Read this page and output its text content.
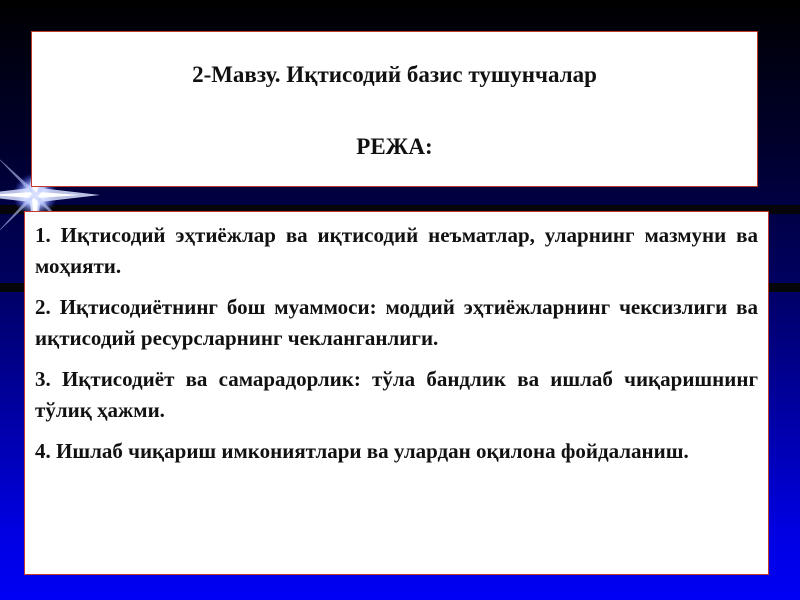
2-Мавзу. Иқтисодий базис тушунчалар
РЕЖА:

1. Иқтисодий эҳтиёжлар ва иқтисодий неъматлар, уларнинг мазмуни ва моҳияти.

2. Иқтисодиётнинг бош муаммоси: моддий эҳтиёжларнинг чексизлиги ва иқтисодий ресурсларнинг чекланганлиги.

3. Иқтисодиёт ва самарадорлик: тўла бандлик ва ишлаб чиқаришнинг тўлиқ ҳажми.

4. Ишлаб чиқариш имкониятлари ва улардан оқилона фойдаланиш.
